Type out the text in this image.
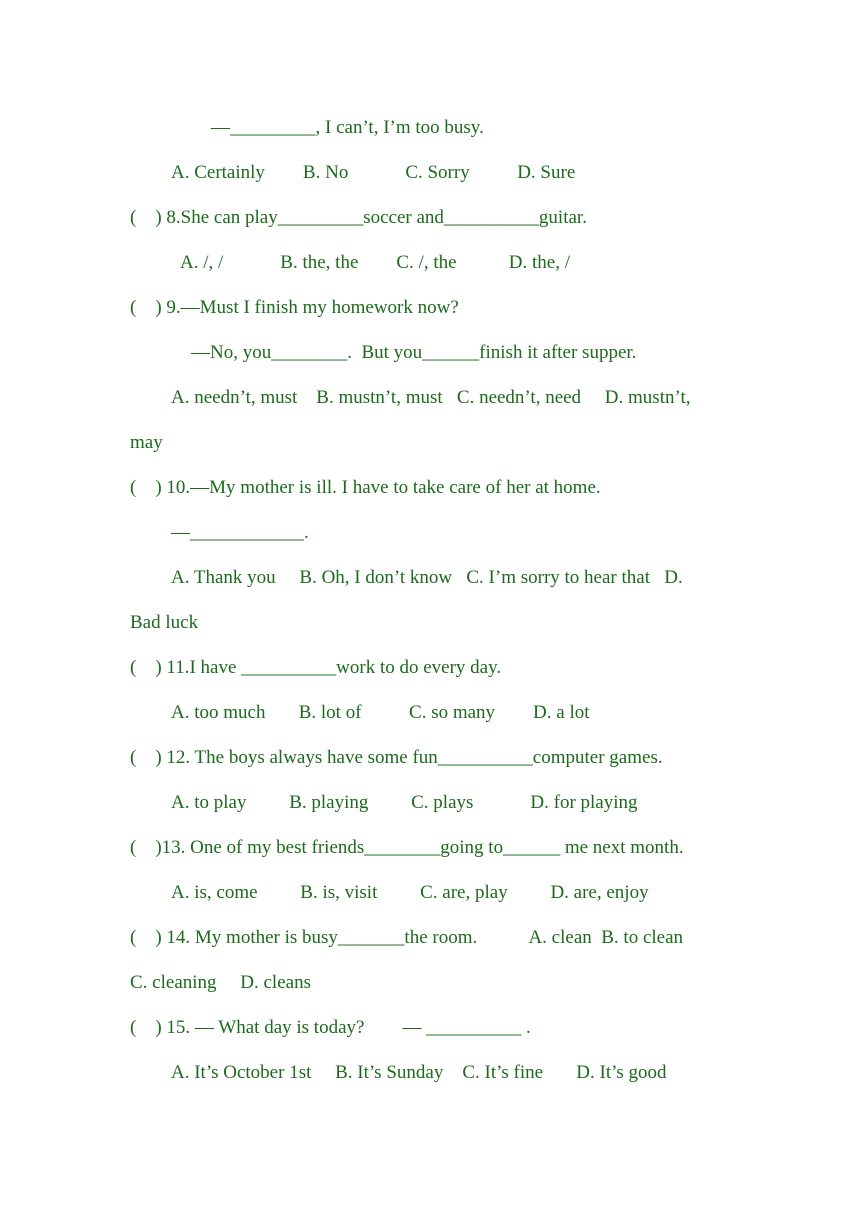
—_________, I can’t, I’m too busy.
A. Certainly        B. No            C. Sorry          D. Sure
(    ) 8.She can play_________soccer and__________guitar.
A. /, /            B. the, the        C. /, the           D. the, /
(    ) 9.—Must I finish my homework now?
—No, you________.  But you______finish it after supper.
A. needn’t, must    B. mustn’t, must   C. needn’t, need     D. mustn’t,
may
(    ) 10.—My mother is ill. I have to take care of her at home.
—____________.
A. Thank you     B. Oh, I don’t know   C. I’m sorry to hear that   D.
Bad luck
(    ) 11.I have __________work to do every day.
A. too much       B. lot of          C. so many        D. a lot
(    ) 12. The boys always have some fun__________computer games.
A. to play         B. playing         C. plays            D. for playing
(    )13. One of my best friends________going to______ me next month.
A. is, come         B. is, visit         C. are, play         D. are, enjoy
(    ) 14. My mother is busy_______the room.           A. clean  B. to clean
C. cleaning     D. cleans
(    ) 15. — What day is today?        — __________ .
A. It’s October 1st     B. It’s Sunday    C. It’s fine       D. It’s good
